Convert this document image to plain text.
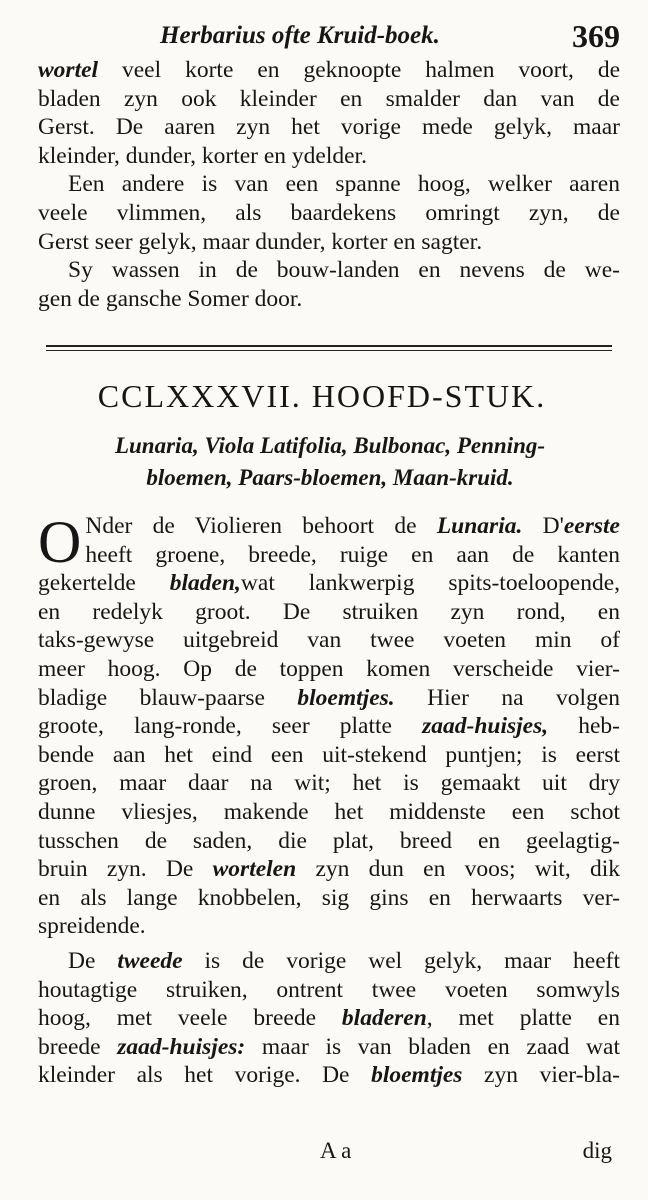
Herbarius ofte Kruid-boek.	369

wortel veel korte en geknoopte halmen voort, de
bladen zyn ook kleinder en smalder dan van de
Gerst. De aaren zyn het vorige mede gelyk, maar
kleinder, dunder, korter en ydelder.

Een andere is van een spanne hoog, welker aaren
veele vlimmen, als baardekens omringt zyn, de
Gerst seer gelyk, maar dunder, korter en sagter.

Sy wassen in de bouw-landen en nevens de we-
gen de gansche Somer door.

CCLXXXVII. HOOFD-STUK.
Lunaria, Viola Latifolia, Bulbonac, Penning-
bloemen, Paars-bloemen, Maan-kruid.

O Nder de Violieren behoort de Lunaria. D'eerste
heeft groene, breede, ruige en aan de kanten
gekertelde bladen,wat lankwerpig spits-toeloopende,
en redelyk groot. De struiken zyn rond, en
taks-gewyse uitgebreid van twee voeten min of
meer hoog. Op de toppen komen verscheide vier-
bladige blauw-paarse bloemtjes. Hier na volgen
groote, lang-ronde, seer platte zaad-huisjes, heb-
bende aan het eind een uit-stekend puntjen; is eerst
groen, maar daar na wit; het is gemaakt uit dry
dunne vliesjes, makende het middenste een schot
tusschen de saden, die plat, breed en geelagtig-
bruin zyn. De wortelen zyn dun en voos; wit, dik
en als lange knobbelen, sig gins en herwaarts ver-
spreidende.

De tweede is de vorige wel gelyk, maar heeft
houtagtige struiken, ontrent twee voeten somwyls
hoog, met veele breede bladeren, met platte en
breede zaad-huisjes: maar is van bladen en zaad wat
kleinder als het vorige. De bloemtjes zyn vier-bla-

A a	dig
